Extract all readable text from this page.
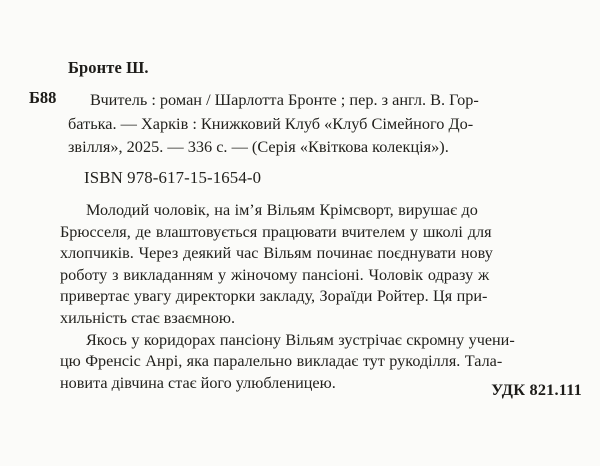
Бронте Ш.
Б88	Вчитель : роман / Шарлотта Бронте ; пер. з англ. В. Гор-
батька. — Харків : Книжковий Клуб «Клуб Сімейного До-
звілля», 2025. — 336 с. — (Серія «Квіткова колекція»).
ISBN 978-617-15-1654-0

Молодий чоловік, на ім’я Вільям Крімсворт, вирушає до
Брюсселя, де влаштовується працювати вчителем у школі для
хлопчиків. Через деякий час Вільям починає поєднувати нову
роботу з викладанням у жіночому пансіоні. Чоловік одразу ж
привертає увагу директорки закладу, Зораїди Ройтер. Ця при-
хильність стає взаємною.

Якось у коридорах пансіону Вільям зустрічає скромну учени-
цю Френсіс Анрі, яка паралельно викладає тут рукоділля. Тала-
новита дівчина стає його улюбленицею.	УДК 821.111
